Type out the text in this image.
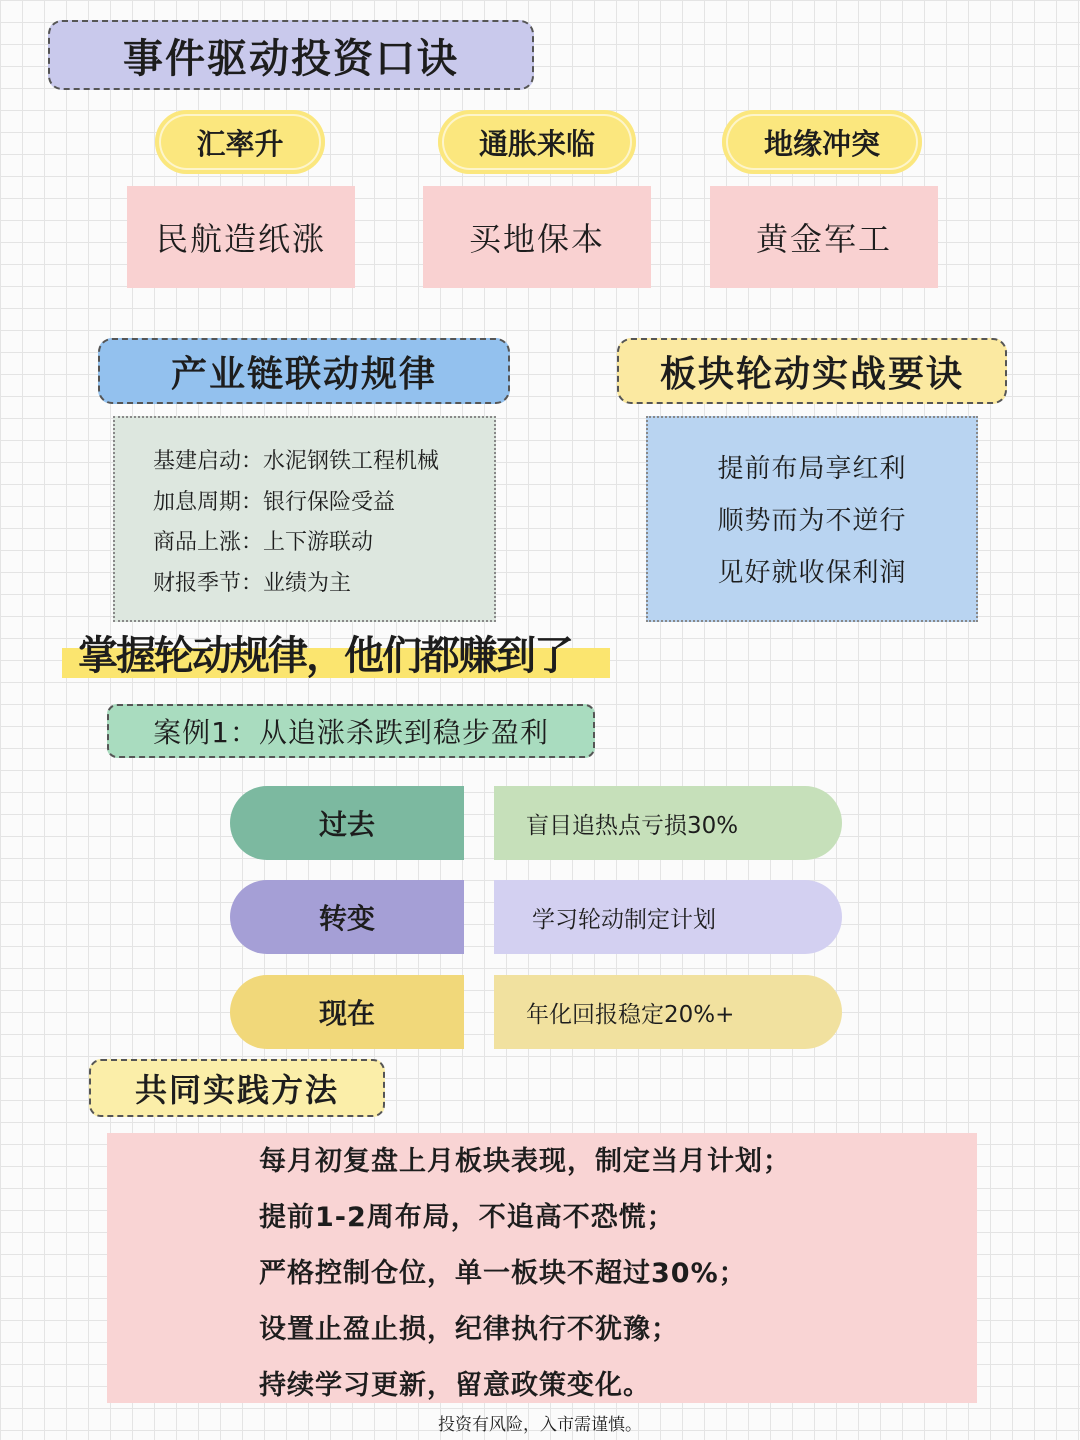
事件驱动投资口诀
汇率升	通胀来临	地缘冲突
民航造纸涨	买地保本	黄金军工
产业链联动规律	板块轮动实战要诀
基建启动：水泥钢铁工程机械
加息周期：银行保险受益
商品上涨：上下游联动
财报季节：业绩为主
提前布局享红利
顺势而为不逆行
见好就收保利润
掌握轮动规律，他们都赚到了
案例1：从追涨杀跌到稳步盈利
过去	盲目追热点亏损30%
转变	学习轮动制定计划
现在	年化回报稳定20%+
共同实践方法
每月初复盘上月板块表现，制定当月计划；
提前1-2周布局，不追高不恐慌；
严格控制仓位，单一板块不超过30%；
设置止盈止损，纪律执行不犹豫；
持续学习更新，留意政策变化。
投资有风险，入市需谨慎。
